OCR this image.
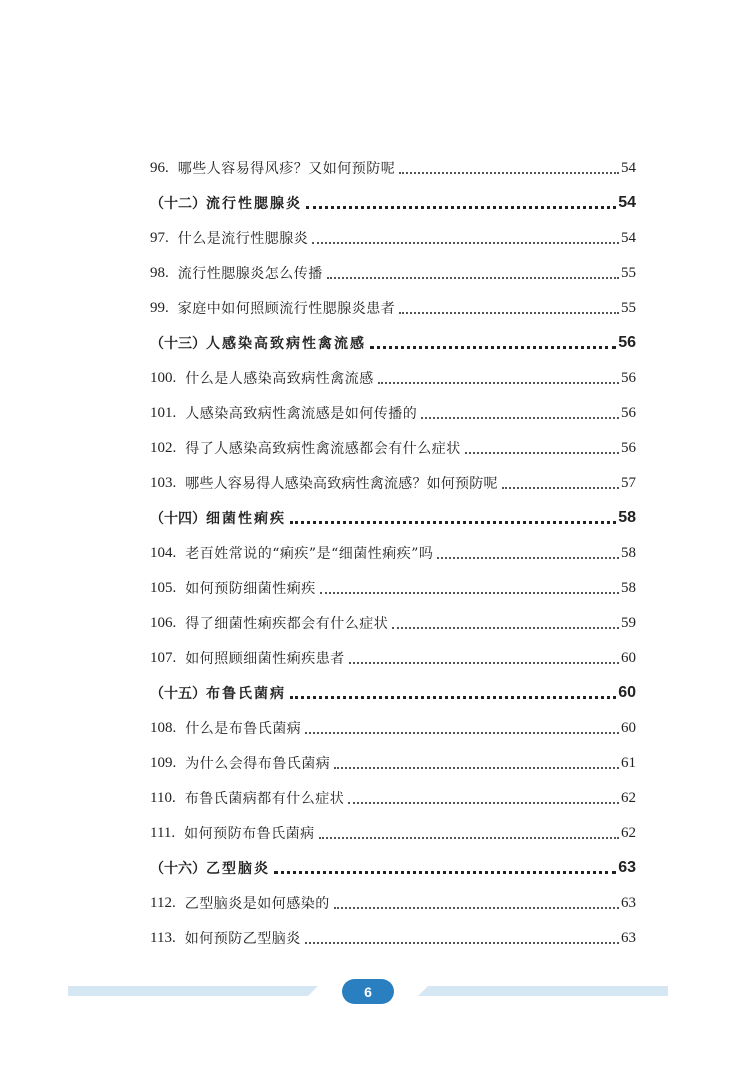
96. 哪些人容易得风疹？又如何预防呢	54
（十二） 流行性腮腺炎	54
97. 什么是流行性腮腺炎	54
98. 流行性腮腺炎怎么传播	55
99. 家庭中如何照顾流行性腮腺炎患者	55
（十三） 人感染高致病性禽流感	56
100. 什么是人感染高致病性禽流感	56
101. 人感染高致病性禽流感是如何传播的	56
102. 得了人感染高致病性禽流感都会有什么症状	56
103. 哪些人容易得人感染高致病性禽流感？如何预防呢	57
（十四） 细菌性痢疾	58
104. 老百姓常说的“痢疾”是“细菌性痢疾”吗	58
105. 如何预防细菌性痢疾	58
106. 得了细菌性痢疾都会有什么症状	59
107. 如何照顾细菌性痢疾患者	60
（十五） 布鲁氏菌病	60
108. 什么是布鲁氏菌病	60
109. 为什么会得布鲁氏菌病	61
110. 布鲁氏菌病都有什么症状	62
111. 如何预防布鲁氏菌病	62
（十六） 乙型脑炎	63
112. 乙型脑炎是如何感染的	63
113. 如何预防乙型脑炎	63
6
